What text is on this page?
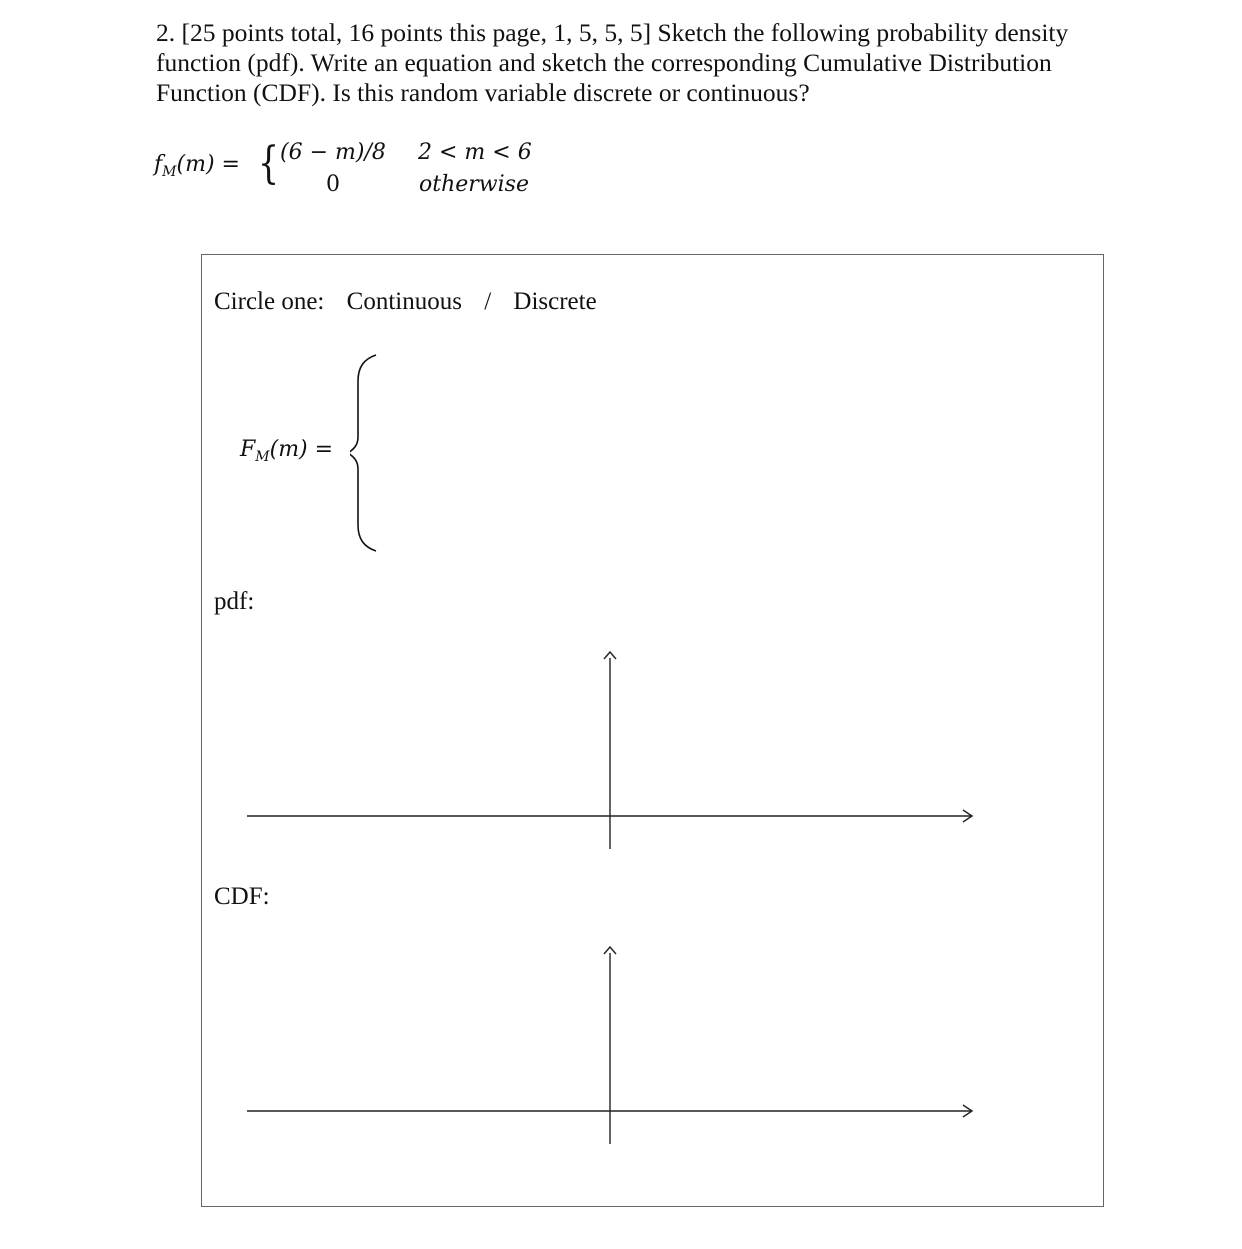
2. [25 points total, 16 points this page, 1, 5, 5, 5] Sketch the following probability density function (pdf). Write an equation and sketch the corresponding Cumulative Distribution Function (CDF). Is this random variable discrete or continuous?
$f_M(m)$ = { (6 − m)/8 2 < m < 6
0	otherwise
Circle one: Continuous / Discrete
$F_M(m)$ =
pdf:
CDF:
